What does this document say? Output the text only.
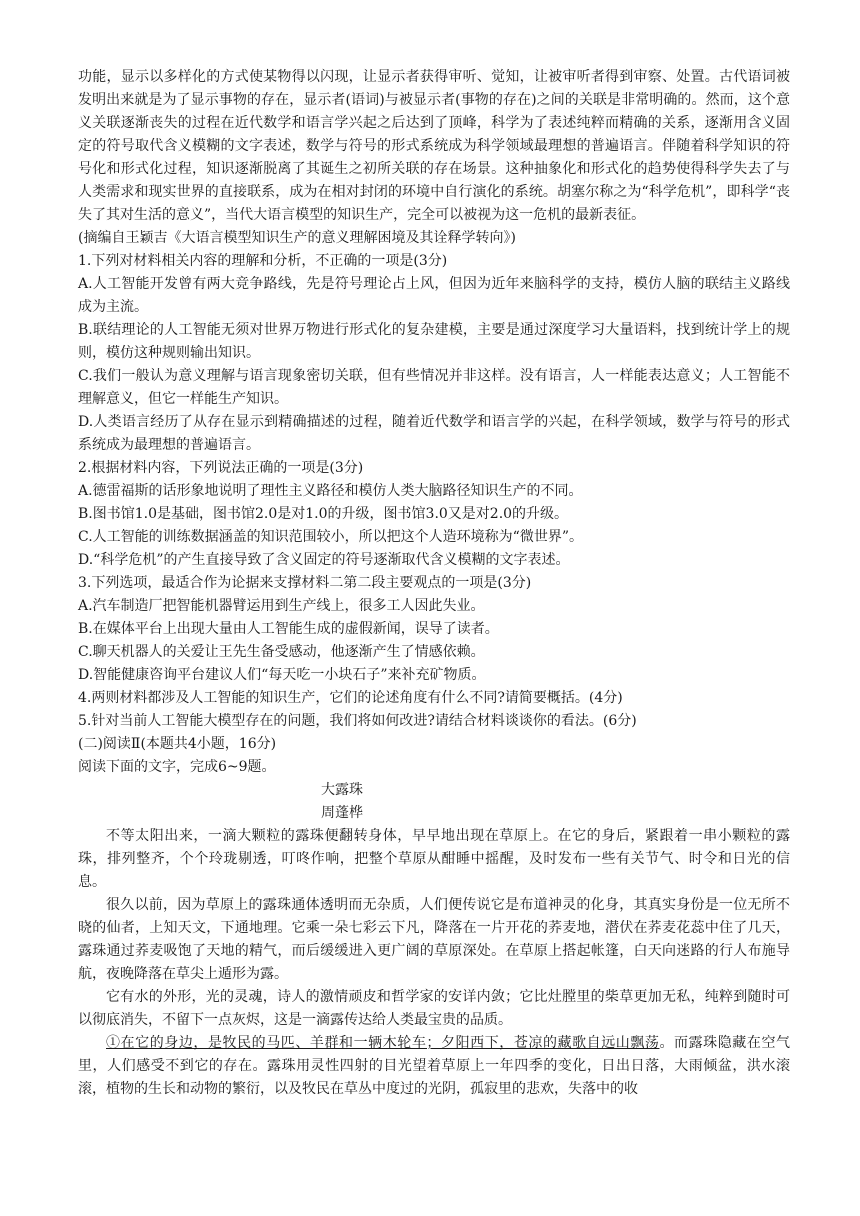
功能，显示以多样化的方式使某物得以闪现，让显示者获得审听、觉知，让被审听者得到审察、处置。古代语词被发明出来就是为了显示事物的存在，显示者(语词)与被显示者(事物的存在)之间的关联是非常明确的。然而，这个意义关联逐渐丧失的过程在近代数学和语言学兴起之后达到了顶峰，科学为了表述纯粹而精确的关系，逐渐用含义固定的符号取代含义模糊的文字表述，数学与符号的形式系统成为科学领域最理想的普遍语言。伴随着科学知识的符号化和形式化过程，知识逐渐脱离了其诞生之初所关联的存在场景。这种抽象化和形式化的趋势使得科学失去了与人类需求和现实世界的直接联系，成为在相对封闭的环境中自行演化的系统。胡塞尔称之为“科学危机”，即科学“丧失了其对生活的意义”，当代大语言模型的知识生产，完全可以被视为这一危机的最新表征。

(摘编自王颖吉《大语言模型知识生产的意义理解困境及其诠释学转向》)

1.下列对材料相关内容的理解和分析，不正确的一项是(3分)

A.人工智能开发曾有两大竞争路线，先是符号理论占上风，但因为近年来脑科学的支持，模仿人脑的联结主义路线成为主流。

B.联结理论的人工智能无须对世界万物进行形式化的复杂建模，主要是通过深度学习大量语料，找到统计学上的规则，模仿这种规则输出知识。

C.我们一般认为意义理解与语言现象密切关联，但有些情况并非这样。没有语言，人一样能表达意义；人工智能不理解意义，但它一样能生产知识。

D.人类语言经历了从存在显示到精确描述的过程，随着近代数学和语言学的兴起，在科学领域，数学与符号的形式系统成为最理想的普遍语言。

2.根据材料内容，下列说法正确的一项是(3分)

A.德雷福斯的话形象地说明了理性主义路径和模仿人类大脑路径知识生产的不同。

B.图书馆1.0是基础，图书馆2.0是对1.0的升级，图书馆3.0又是对2.0的升级。

C.人工智能的训练数据涵盖的知识范围较小，所以把这个人造环境称为“微世界”。

D.“科学危机”的产生直接导致了含义固定的符号逐渐取代含义模糊的文字表述。

3.下列选项，最适合作为论据来支撑材料二第二段主要观点的一项是(3分)

A.汽车制造厂把智能机器臂运用到生产线上，很多工人因此失业。

B.在媒体平台上出现大量由人工智能生成的虚假新闻，误导了读者。

C.聊天机器人的关爱让王先生备受感动，他逐渐产生了情感依赖。

D.智能健康咨询平台建议人们“每天吃一小块石子”来补充矿物质。

4.两则材料都涉及人工智能的知识生产，它们的论述角度有什么不同?请简要概括。(4分)

5.针对当前人工智能大模型存在的问题，我们将如何改进?请结合材料谈谈你的看法。(6分)

(二)阅读Ⅱ(本题共4小题，16分)

阅读下面的文字，完成6~9题。

大露珠

周蓬桦

不等太阳出来，一滴大颗粒的露珠便翻转身体，早早地出现在草原上。在它的身后，紧跟着一串小颗粒的露珠，排列整齐，个个玲珑剔透，叮咚作响，把整个草原从酣睡中摇醒，及时发布一些有关节气、时令和日光的信息。

很久以前，因为草原上的露珠通体透明而无杂质，人们便传说它是布道神灵的化身，其真实身份是一位无所不晓的仙者，上知天文，下通地理。它乘一朵七彩云下凡，降落在一片开花的荞麦地，潜伏在荞麦花蕊中住了几天，露珠通过荞麦吸饱了天地的精气，而后缓缓进入更广阔的草原深处。在草原上搭起帐篷，白天向迷路的行人布施导航，夜晚降落在草尖上遁形为露。

它有水的外形，光的灵魂，诗人的激情顽皮和哲学家的安详内敛；它比灶膛里的柴草更加无私，纯粹到随时可以彻底消失，不留下一点灰烬，这是一滴露传达给人类最宝贵的品质。

①在它的身边，是牧民的马匹、羊群和一辆木轮车；夕阳西下，苍凉的藏歌自远山飘荡。而露珠隐藏在空气里，人们感受不到它的存在。露珠用灵性四射的目光望着草原上一年四季的变化，日出日落，大雨倾盆，洪水滚滚，植物的生长和动物的繁衍，以及牧民在草丛中度过的光阴，孤寂里的悲欢，失落中的收
